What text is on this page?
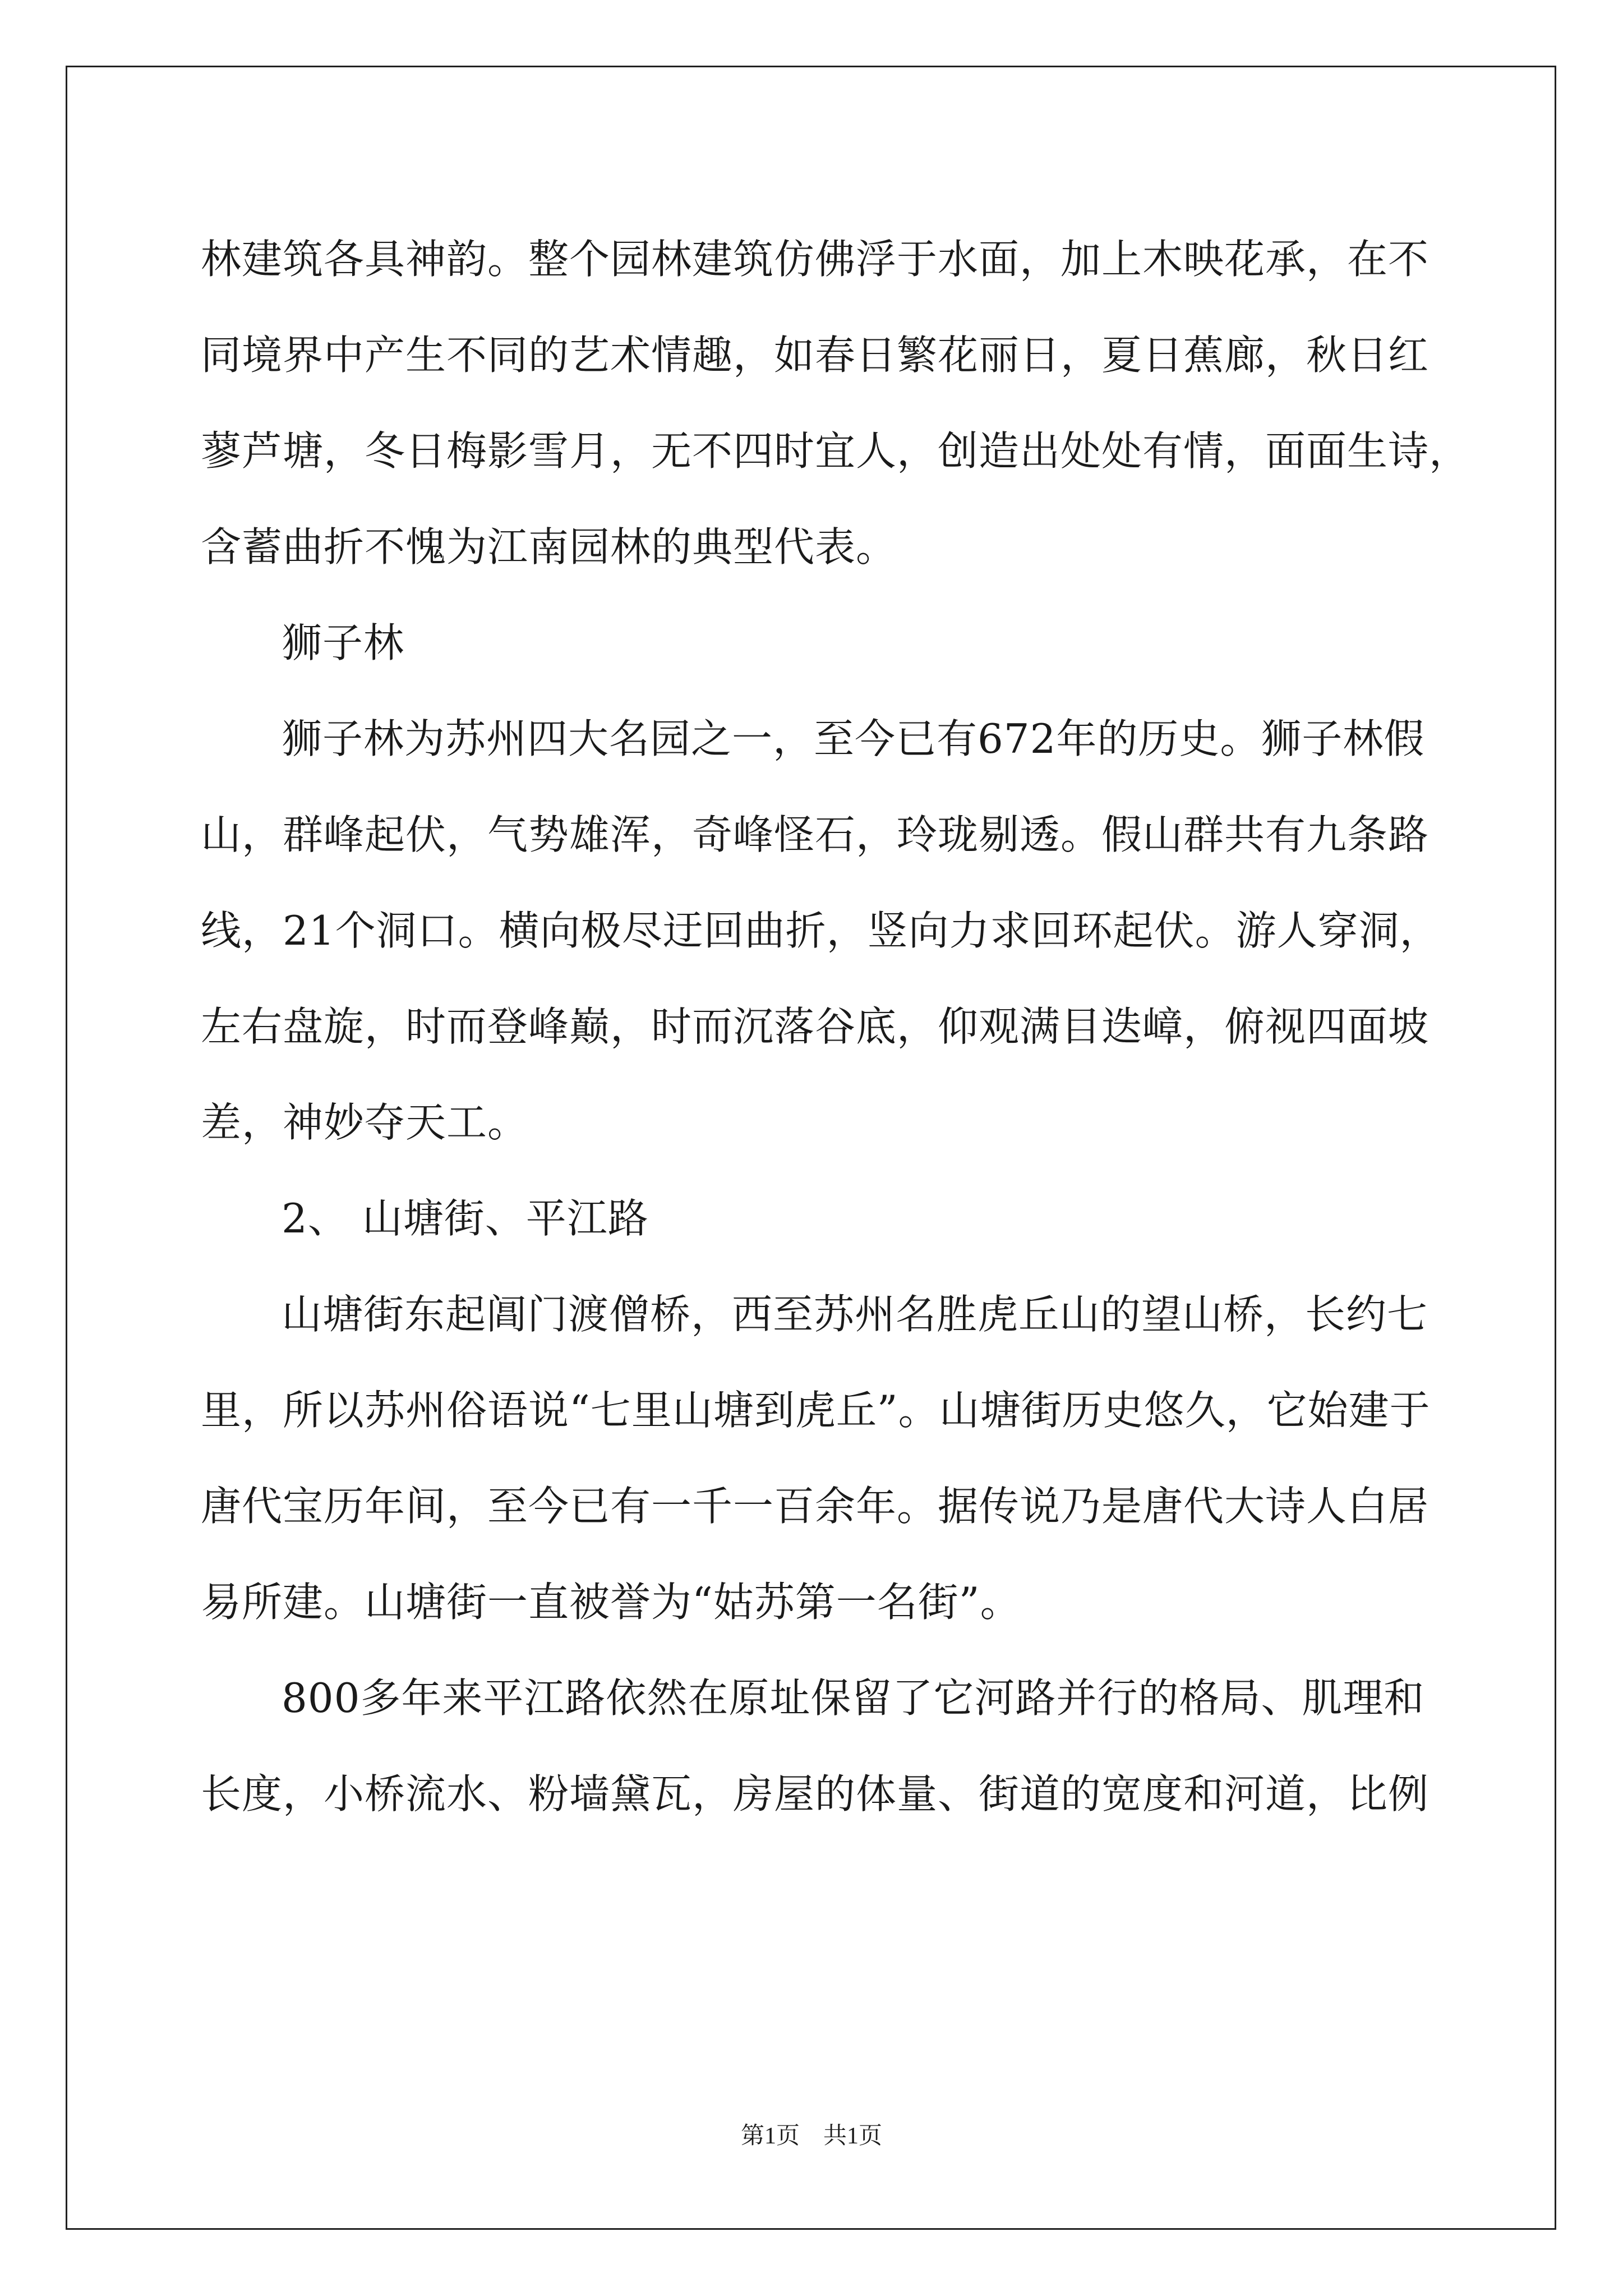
林建筑各具神韵。整个园林建筑仿佛浮于水面，加上木映花承，在不
同境界中产生不同的艺术情趣，如春日繁花丽日，夏日蕉廊，秋日红
蓼芦塘，冬日梅影雪月，无不四时宜人，创造出处处有情，面面生诗，
含蓄曲折不愧为江南园林的典型代表。
狮子林
狮子林为苏州四大名园之一，至今已有672年的历史。狮子林假
山，群峰起伏，气势雄浑，奇峰怪石，玲珑剔透。假山群共有九条路
线，21个洞口。横向极尽迂回曲折，竖向力求回环起伏。游人穿洞，
左右盘旋，时而登峰巅，时而沉落谷底，仰观满目迭嶂，俯视四面坡
差，神妙夺天工。
2、 山塘街、平江路
山塘街东起阊门渡僧桥，西至苏州名胜虎丘山的望山桥，长约七
里，所以苏州俗语说“七里山塘到虎丘”。山塘街历史悠久，它始建于
唐代宝历年间，至今已有一千一百余年。据传说乃是唐代大诗人白居
易所建。山塘街一直被誉为“姑苏第一名街”。
800多年来平江路依然在原址保留了它河路并行的格局、肌理和
长度，小桥流水、粉墙黛瓦，房屋的体量、街道的宽度和河道，比例
第1页　共1页
